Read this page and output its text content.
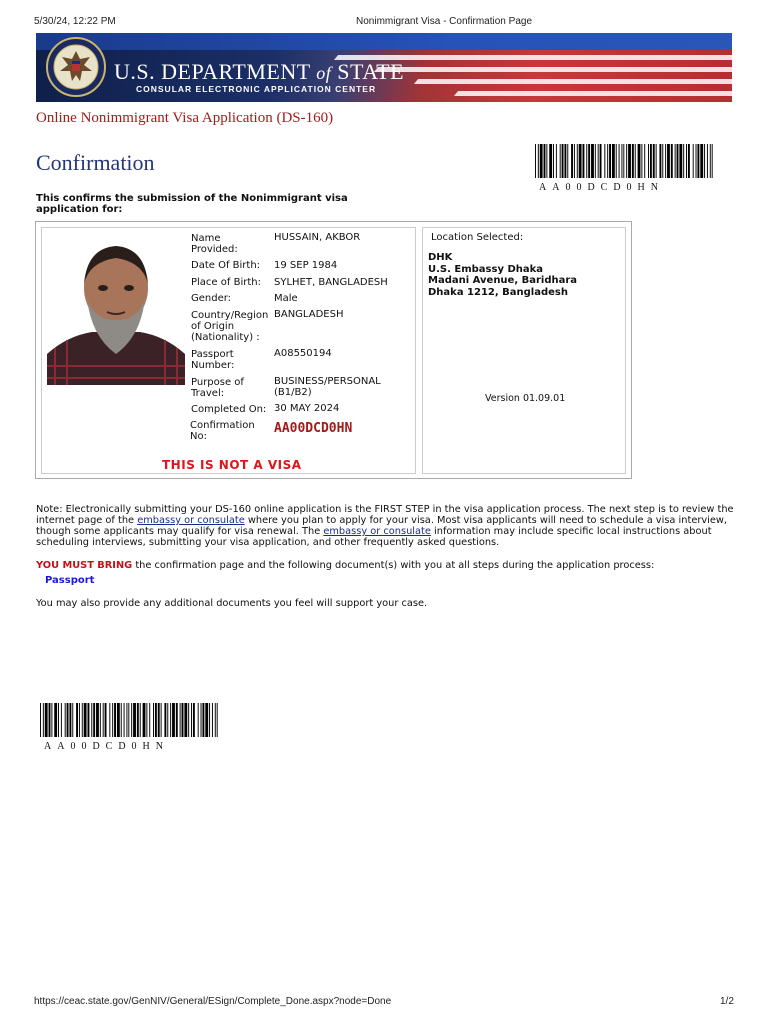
5/30/24, 12:22 PM	Nonimmigrant Visa - Confirmation Page
U.S. DEPARTMENT of STATE
CONSULAR ELECTRONIC APPLICATION CENTER
Online Nonimmigrant Visa Application (DS-160)
Confirmation
This confirms the submission of the Nonimmigrant visa application for:
AA00DCD0HN
Name Provided:
HUSSAIN, AKBOR
Date Of Birth: 19 SEP 1984
Place of Birth: SYLHET, BANGLADESH
Gender:	Male
Country/Region of Origin (Nationality) :
BANGLADESH
Passport Number:
A08550194
Purpose of Travel:
BUSINESS/PERSONAL (B1/B2)
Completed On: 30 MAY 2024
Confirmation No:
AA00DCD0HN
THIS IS NOT A VISA
Location Selected:
DHK
U.S. Embassy Dhaka
Madani Avenue, Baridhara
Dhaka 1212, Bangladesh
Version 01.09.01
Note: Electronically submitting your DS-160 online application is the FIRST STEP in the visa application process. The next step is to review the internet page of the embassy or consulate where you plan to apply for your visa. Most visa applicants will need to schedule a visa interview, though some applicants may qualify for visa renewal. The embassy or consulate information may include specific local instructions about scheduling interviews, submitting your visa application, and other frequently asked questions.
YOU MUST BRING the confirmation page and the following document(s) with you at all steps during the application process:
Passport
You may also provide any additional documents you feel will support your case.
AA00DCD0HN
https://ceac.state.gov/GenNIV/General/ESign/Complete_Done.aspx?node=Done	1/2
